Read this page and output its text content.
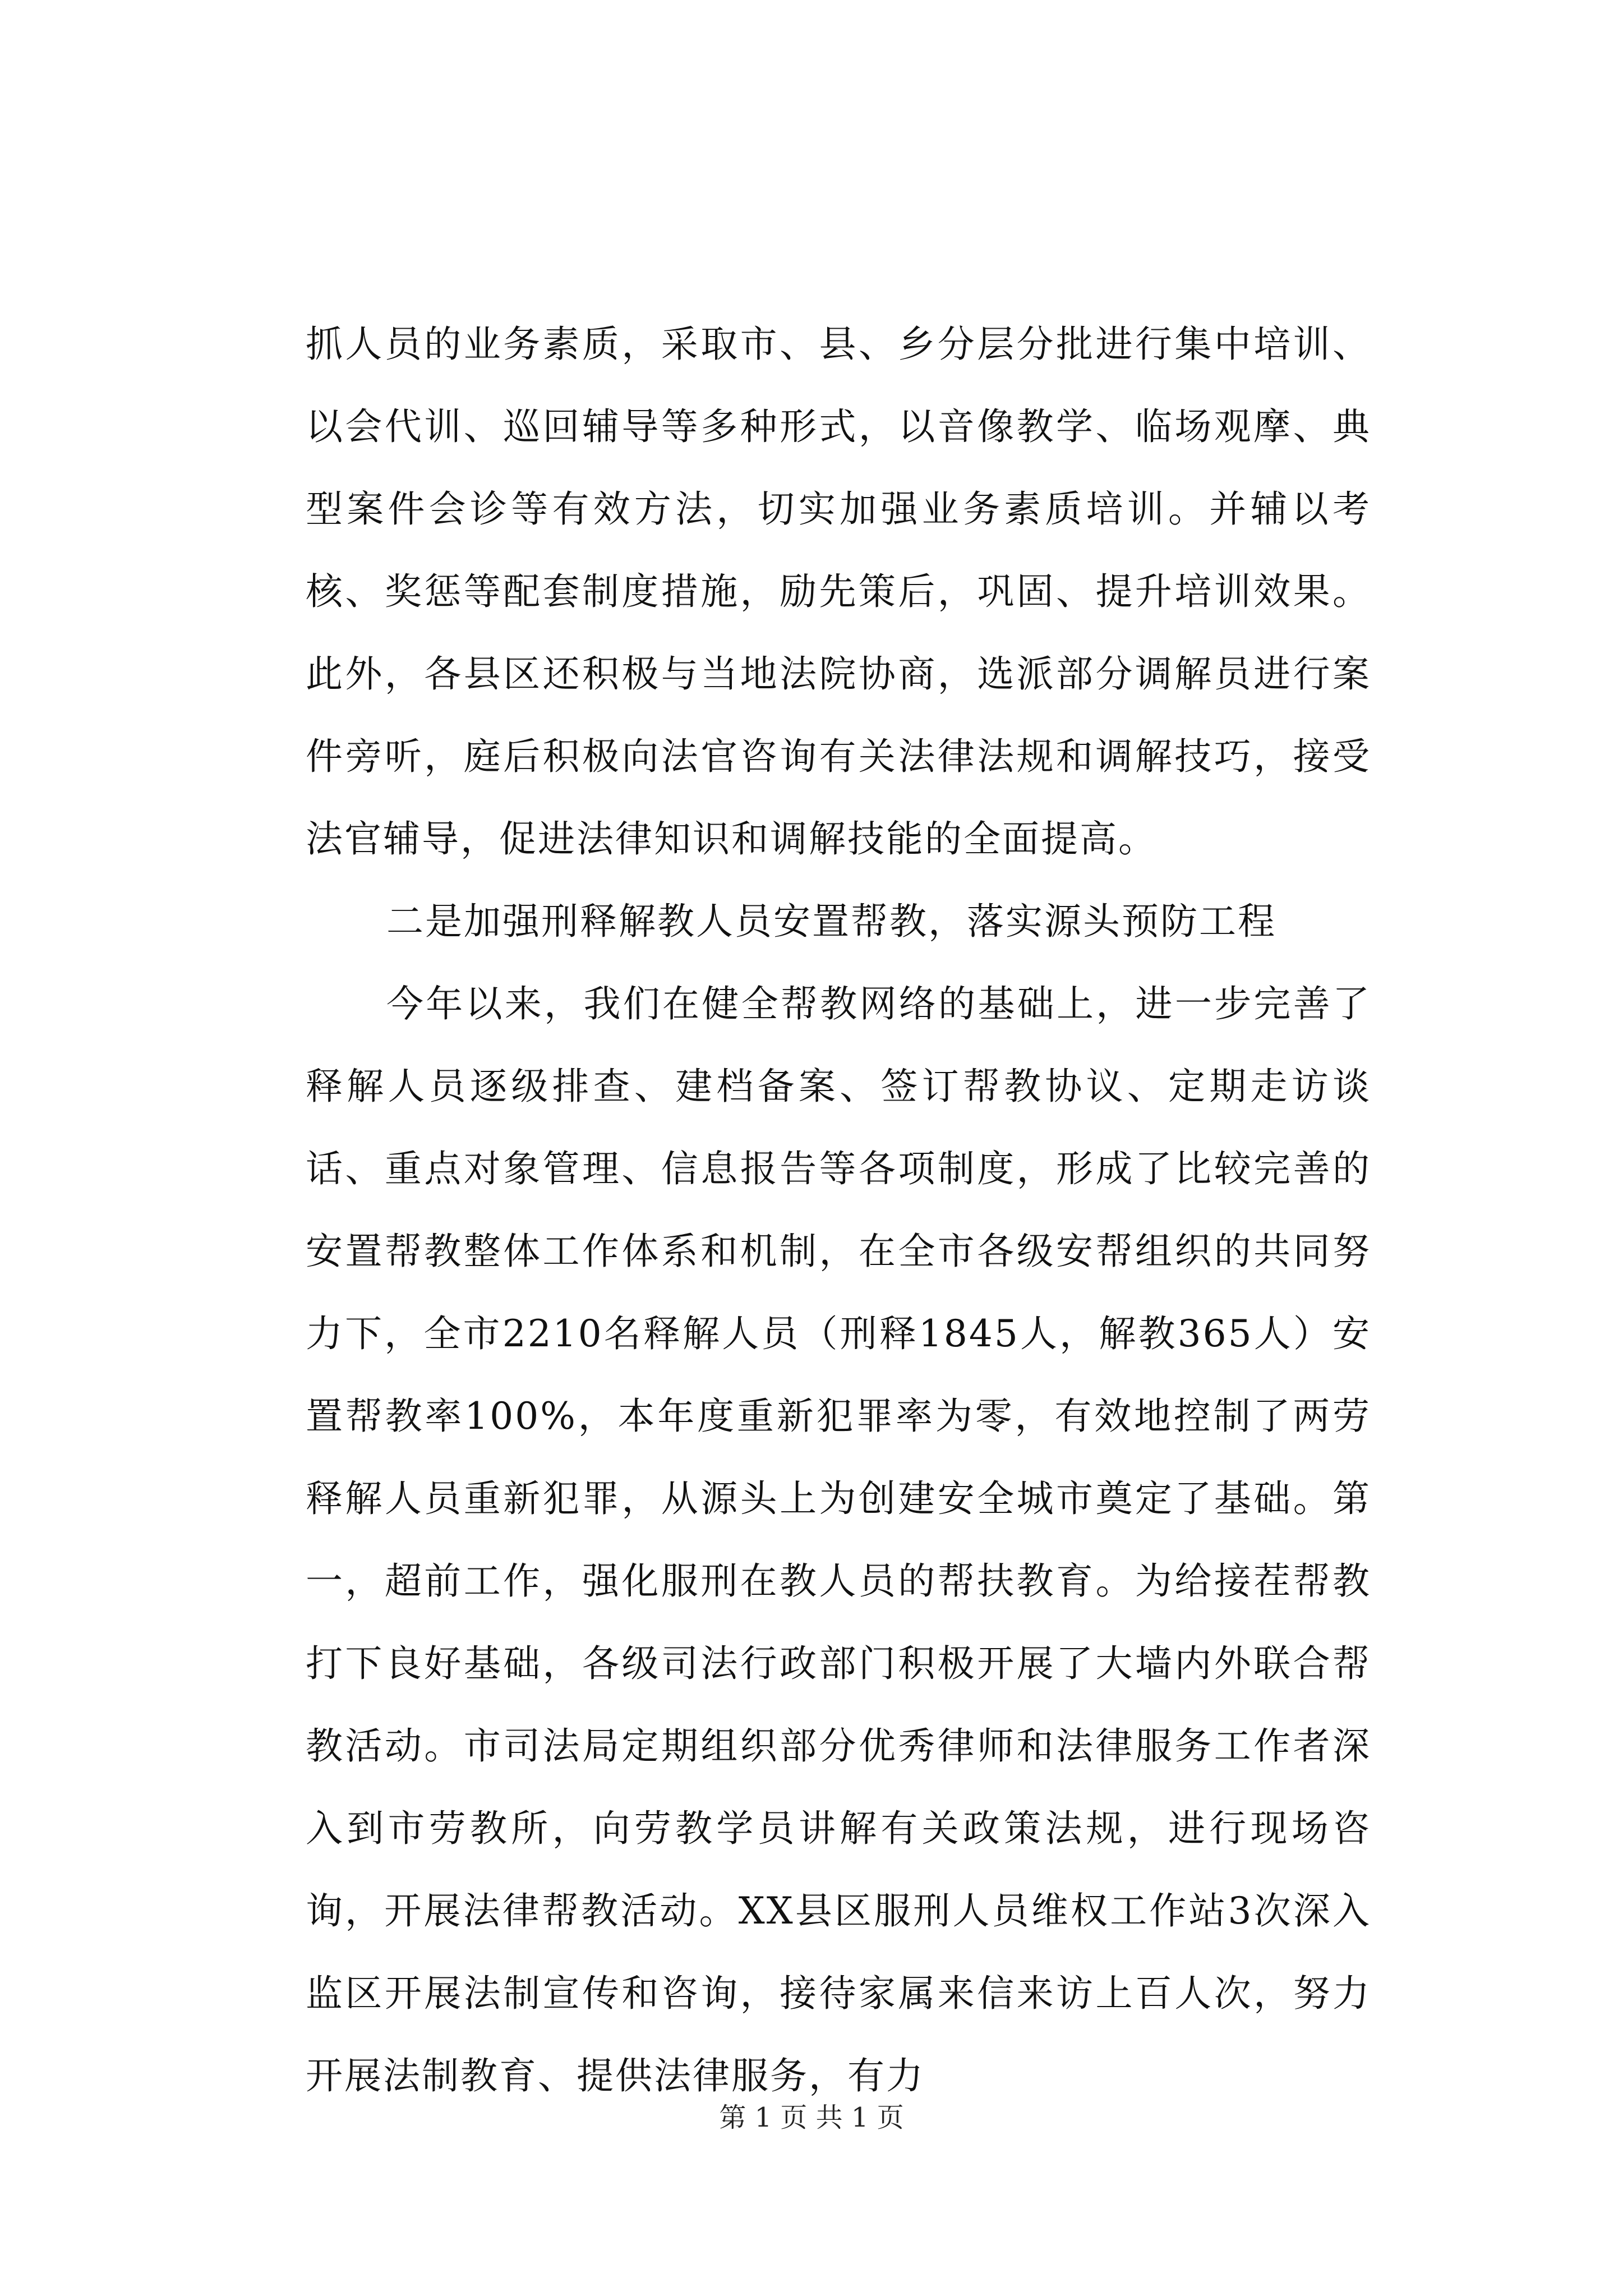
抓人员的业务素质，采取市、县、乡分层分批进行集中培训、以会代训、巡回辅导等多种形式，以音像教学、临场观摩、典型案件会诊等有效方法，切实加强业务素质培训。并辅以考核、奖惩等配套制度措施，励先策后，巩固、提升培训效果。此外，各县区还积极与当地法院协商，选派部分调解员进行案件旁听，庭后积极向法官咨询有关法律法规和调解技巧，接受法官辅导，促进法律知识和调解技能的全面提高。

二是加强刑释解教人员安置帮教，落实源头预防工程

今年以来，我们在健全帮教网络的基础上，进一步完善了释解人员逐级排查、建档备案、签订帮教协议、定期走访谈话、重点对象管理、信息报告等各项制度，形成了比较完善的安置帮教整体工作体系和机制，在全市各级安帮组织的共同努力下，全市2210名释解人员（刑释1845人，解教365人）安置帮教率100%，本年度重新犯罪率为零，有效地控制了两劳释解人员重新犯罪，从源头上为创建安全城市奠定了基础。第一，超前工作，强化服刑在教人员的帮扶教育。为给接茬帮教打下良好基础，各级司法行政部门积极开展了大墙内外联合帮教活动。市司法局定期组织部分优秀律师和法律服务工作者深入到市劳教所，向劳教学员讲解有关政策法规，进行现场咨询，开展法律帮教活动。XX县区服刑人员维权工作站3次深入监区开展法制宣传和咨询，接待家属来信来访上百人次，努力开展法制教育、提供法律服务，有力

第 1 页 共 1 页
